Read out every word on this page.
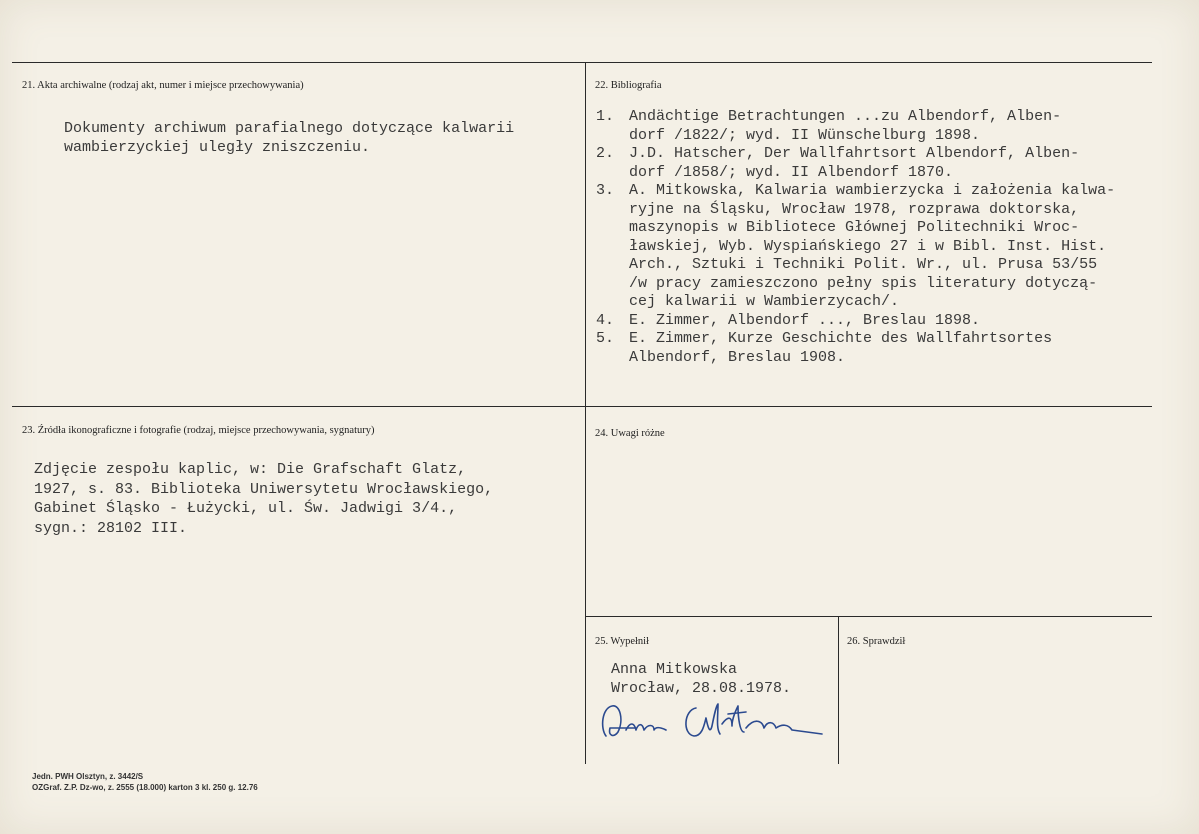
21. Akta archiwalne (rodzaj akt, numer i miejsce przechowywania)
Dokumenty archiwum parafialnego dotyczące kalwarii
wambierzyckiej uległy zniszczeniu.
22. Bibliografia
1. Andächtige Betrachtungen ...zu Albendorf, Alben-
dorf /1822/; wyd. II Wünschelburg 1898.
2. J.D. Hatscher, Der Wallfahrtsort Albendorf, Alben-
dorf /1858/; wyd. II Albendorf 1870.
3. A. Mitkowska, Kalwaria wambierzycka i założenia kalwa-
ryjne na Śląsku, Wrocław 1978, rozprawa doktorska,
maszynopis w Bibliotece Głównej Politechniki Wroc-
ławskiej, Wyb. Wyspiańskiego 27 i w Bibl. Inst. Hist.
Arch., Sztuki i Techniki Polit. Wr., ul. Prusa 53/55
/w pracy zamieszczono pełny spis literatury dotyczą-
cej kalwarii w Wambierzycach/.
4. E. Zimmer, Albendorf ..., Breslau 1898.
5. E. Zimmer, Kurze Geschichte des Wallfahrtsortes
Albendorf, Breslau 1908.
23. Źródła ikonograficzne i fotografie (rodzaj, miejsce przechowywania, sygnatury)
Zdjęcie zespołu kaplic, w: Die Grafschaft Glatz,
1927, s. 83. Biblioteka Uniwersytetu Wrocławskiego,
Gabinet Śląsko - Łużycki, ul. Św. Jadwigi 3/4.,
sygn.: 28102 III.
24. Uwagi różne
25. Wypełnił
Anna Mitkowska
Wrocław, 28.08.1978.
26. Sprawdził
Jedn. PWH Olsztyn, z. 3442/S
OZGraf. Z.P. Dz-wo, z. 2555 (18.000) karton 3 kl. 250 g. 12.76
